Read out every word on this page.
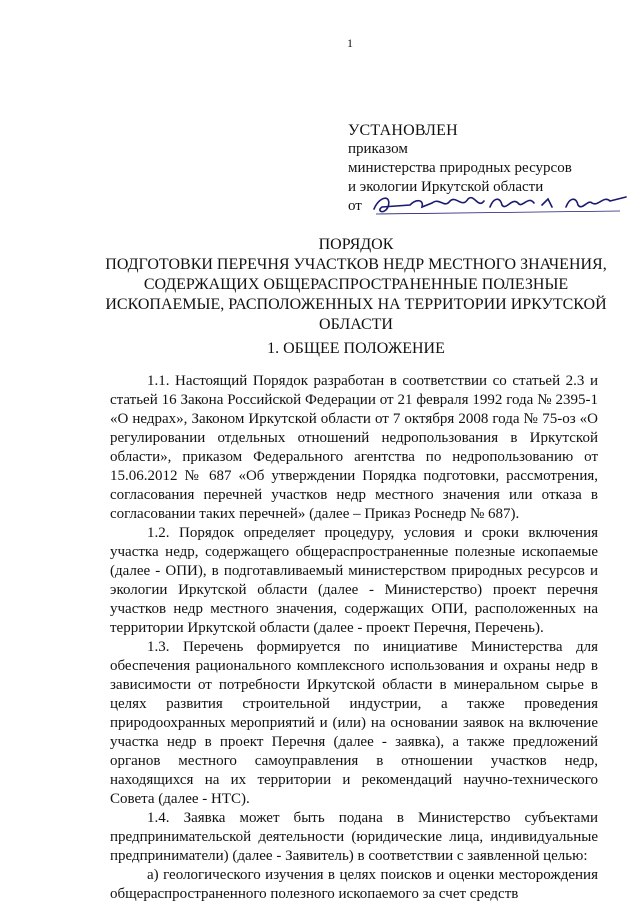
1
УСТАНОВЛЕН
приказом
министерства природных ресурсов
и экологии Иркутской области
от
ПОРЯДОК
ПОДГОТОВКИ ПЕРЕЧНЯ УЧАСТКОВ НЕДР МЕСТНОГО ЗНАЧЕНИЯ,
СОДЕРЖАЩИХ ОБЩЕРАСПРОСТРАНЕННЫЕ ПОЛЕЗНЫЕ
ИСКОПАЕМЫЕ, РАСПОЛОЖЕННЫХ НА ТЕРРИТОРИИ ИРКУТСКОЙ
ОБЛАСТИ
1. ОБЩЕЕ ПОЛОЖЕНИЕ

1.1. Настоящий Порядок разработан в соответствии со статьей 2.3 и статьей 16 Закона Российской Федерации от 21 февраля 1992 года № 2395-1 «О недрах», Законом Иркутской области от 7 октября 2008 года № 75-оз «О регулировании отдельных отношений недропользования в Иркутской области», приказом Федерального агентства по недропользованию от 15.06.2012 № 687 «Об утверждении Порядка подготовки, рассмотрения, согласования перечней участков недр местного значения или отказа в согласовании таких перечней» (далее – Приказ Роснедр № 687).

1.2. Порядок определяет процедуру, условия и сроки включения участка недр, содержащего общераспространенные полезные ископаемые (далее - ОПИ), в подготавливаемый министерством природных ресурсов и экологии Иркутской области (далее - Министерство) проект перечня участков недр местного значения, содержащих ОПИ, расположенных на территории Иркутской области (далее - проект Перечня, Перечень).

1.3. Перечень формируется по инициативе Министерства для обеспечения рационального комплексного использования и охраны недр в зависимости от потребности Иркутской области в минеральном сырье в целях развития строительной индустрии, а также проведения природоохранных мероприятий и (или) на основании заявок на включение участка недр в проект Перечня (далее - заявка), а также предложений органов местного самоуправления в отношении участков недр, находящихся на их территории и рекомендаций научно-технического Совета (далее - НТС).

1.4. Заявка может быть подана в Министерство субъектами предпринимательской деятельности (юридические лица, индивидуальные предприниматели) (далее - Заявитель) в соответствии с заявленной целью:

а) геологического изучения в целях поисков и оценки месторождения общераспространенного полезного ископаемого за счет средств
